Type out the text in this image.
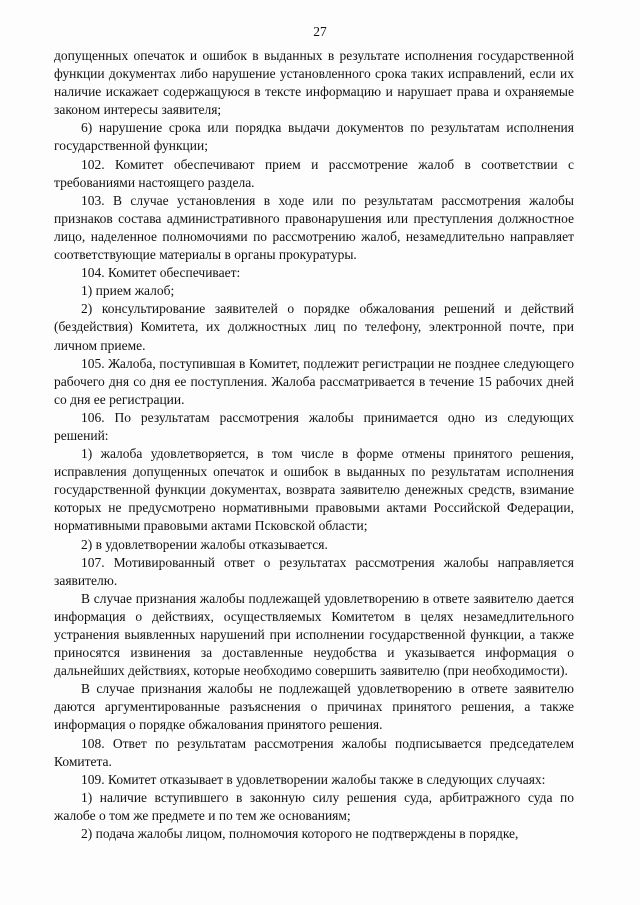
27

допущенных опечаток и ошибок в выданных в результате исполнения государственной функции документах либо нарушение установленного срока таких исправлений, если их наличие искажает содержащуюся в тексте информацию и нарушает права и охраняемые законом интересы заявителя;

6) нарушение срока или порядка выдачи документов по результатам исполнения государственной функции;

102. Комитет обеспечивают прием и рассмотрение жалоб в соответствии с требованиями настоящего раздела.

103. В случае установления в ходе или по результатам рассмотрения жалобы признаков состава административного правонарушения или преступления должностное лицо, наделенное полномочиями по рассмотрению жалоб, незамедлительно направляет соответствующие материалы в органы прокуратуры.

104. Комитет обеспечивает:

1) прием жалоб;

2) консультирование заявителей о порядке обжалования решений и действий (бездействия) Комитета, их должностных лиц по телефону, электронной почте, при личном приеме.

105. Жалоба, поступившая в Комитет, подлежит регистрации не позднее следующего рабочего дня со дня ее поступления. Жалоба рассматривается в течение 15 рабочих дней со дня ее регистрации.

106. По результатам рассмотрения жалобы принимается одно из следующих решений:

1) жалоба удовлетворяется, в том числе в форме отмены принятого решения, исправления допущенных опечаток и ошибок в выданных по результатам исполнения государственной функции документах, возврата заявителю денежных средств, взимание которых не предусмотрено нормативными правовыми актами Российской Федерации, нормативными правовыми актами Псковской области;

2) в удовлетворении жалобы отказывается.

107. Мотивированный ответ о результатах рассмотрения жалобы направляется заявителю.

В случае признания жалобы подлежащей удовлетворению в ответе заявителю дается информация о действиях, осуществляемых Комитетом в целях незамедлительного устранения выявленных нарушений при исполнении государственной функции, а также приносятся извинения за доставленные неудобства и указывается информация о дальнейших действиях, которые необходимо совершить заявителю (при необходимости).

В случае признания жалобы не подлежащей удовлетворению в ответе заявителю даются аргументированные разъяснения о причинах принятого решения, а также информация о порядке обжалования принятого решения.

108. Ответ по результатам рассмотрения жалобы подписывается председателем Комитета.

109. Комитет отказывает в удовлетворении жалобы также в следующих случаях:

1) наличие вступившего в законную силу решения суда, арбитражного суда по жалобе о том же предмете и по тем же основаниям;

2) подача жалобы лицом, полномочия которого не подтверждены в порядке,
